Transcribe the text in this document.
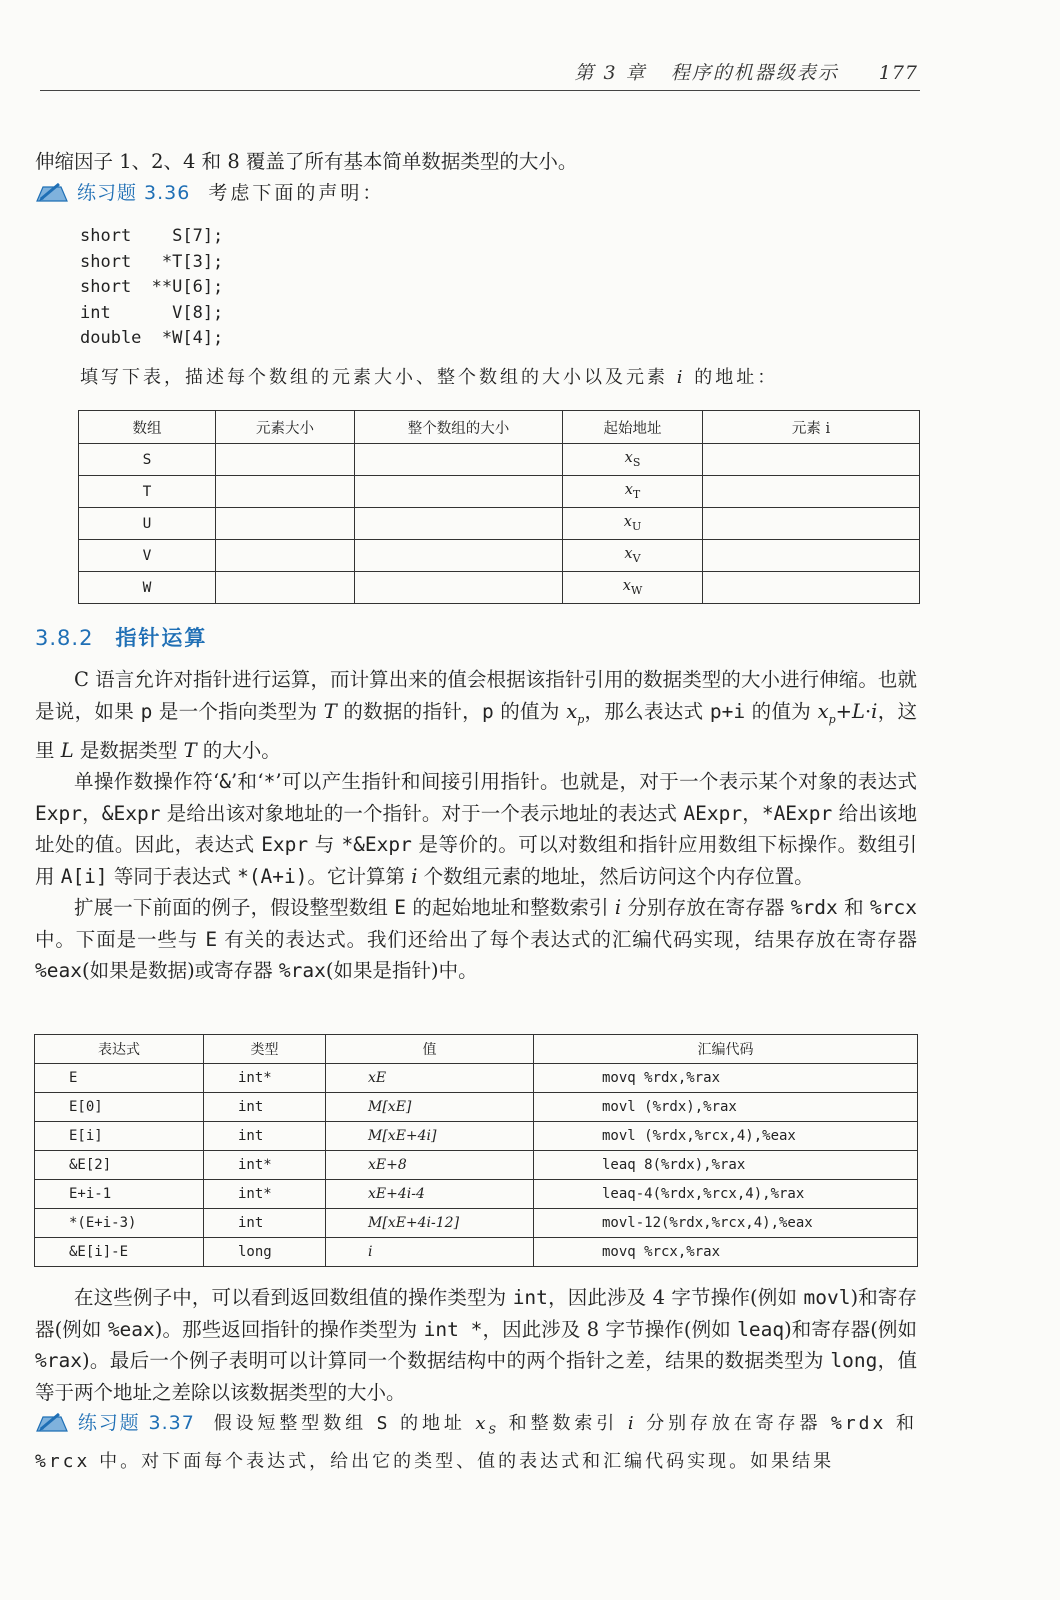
第 3 章 程序的机器级表示 177

伸缩因子 1、2、4 和 8 覆盖了所有基本简单数据类型的大小。

练习题 3.36 考虑下面的声明：

short    S[7];
short   *T[3];
short  **U[6];
int      V[8];
double  *W[4];
填写下表，描述每个数组的元素大小、整个数组的大小以及元素 i 的地址：
数组	元素大小	整个数组的大小	起始地址	元素 i
S			$x_S$	
T			$x_T$	
U			$x_U$	
V			$x_V$	
W			$x_W$	
3.8.2 指针运算

C 语言允许对指针进行运算，而计算出来的值会根据该指针引用的数据类型的大小进行伸缩。也就是说，如果 p 是一个指向类型为 T 的数据的指针，p 的值为 $x_p$，那么表达式 p+i 的值为 $x_p+L\cdot i$，这里 L 是数据类型 T 的大小。

单操作数操作符‘&’和‘*’可以产生指针和间接引用指针。也就是，对于一个表示某个对象的表达式 Expr，&Expr 是给出该对象地址的一个指针。对于一个表示地址的表达式 AExpr，*AExpr 给出该地址处的值。因此，表达式 Expr 与 *&Expr 是等价的。可以对数组和指针应用数组下标操作。数组引用 A[i] 等同于表达式 *(A+i)。它计算第 i 个数组元素的地址，然后访问这个内存位置。

扩展一下前面的例子，假设整型数组 E 的起始地址和整数索引 i 分别存放在寄存器 %rdx 和 %rcx 中。下面是一些与 E 有关的表达式。我们还给出了每个表达式的汇编代码实现，结果存放在寄存器 %eax(如果是数据)或寄存器 %rax(如果是指针)中。

表达式	类型	值	汇编代码
E	int*	xE	movq %rdx,%rax
E[0]	int	M[xE]	movl (%rdx),%rax
E[i]	int	M[xE+4i]	movl (%rdx,%rcx,4),%eax
&E[2]	int*	xE+8	leaq 8(%rdx),%rax
E+i-1	int*	xE+4i-4	leaq-4(%rdx,%rcx,4),%rax
*(E+i-3)	int	M[xE+4i-12]	movl-12(%rdx,%rcx,4),%eax
&E[i]-E	long	i	movq %rcx,%rax

在这些例子中，可以看到返回数组值的操作类型为 int，因此涉及 4 字节操作(例如 movl)和寄存器(例如 %eax)。那些返回指针的操作类型为 int *，因此涉及 8 字节操作(例如 leaq)和寄存器(例如 %rax)。最后一个例子表明可以计算同一个数据结构中的两个指针之差，结果的数据类型为 long，值等于两个地址之差除以该数据类型的大小。

练习题 3.37 假设短整型数组 S 的地址 $x_S$ 和整数索引 i 分别存放在寄存器 %rdx 和 %rcx 中。对下面每个表达式，给出它的类型、值的表达式和汇编代码实现。如果结果
